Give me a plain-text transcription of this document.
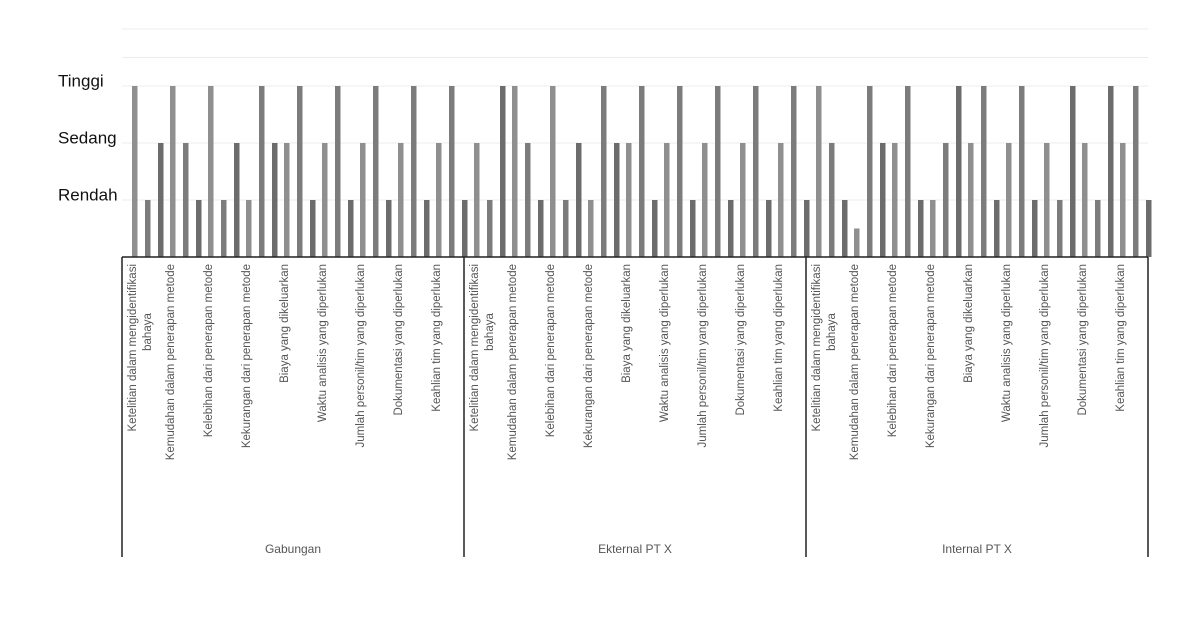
Rendah
Sedang
Tinggi
Ketelitian dalam mengidentifikasi bahaya Kemudahan dalam penerapan metode Kelebihan dari penerapan metode Kekurangan dari penerapan metode Biaya yang dikeluarkan Waktu analisis yang diperlukan Jumlah personil/tim yang diperlukan Dokumentasi yang diperlukan Keahlian tim yang diperlukan Ketelitian dalam mengidentifikasi bahaya Kemudahan dalam penerapan metode Kelebihan dari penerapan metode Kekurangan dari penerapan metode Biaya yang dikeluarkan Waktu analisis yang diperlukan Jumlah personil/tim yang diperlukan Dokumentasi yang diperlukan Keahlian tim yang diperlukan Ketelitian dalam mengidentifikasi bahaya Kemudahan dalam penerapan metode Kelebihan dari penerapan metode Kekurangan dari penerapan metode Biaya yang dikeluarkan Waktu analisis yang diperlukan Jumlah personil/tim yang diperlukan Dokumentasi yang diperlukan Keahlian tim yang diperlukan
Gabungan	Ekternal PT X	Internal PT X
